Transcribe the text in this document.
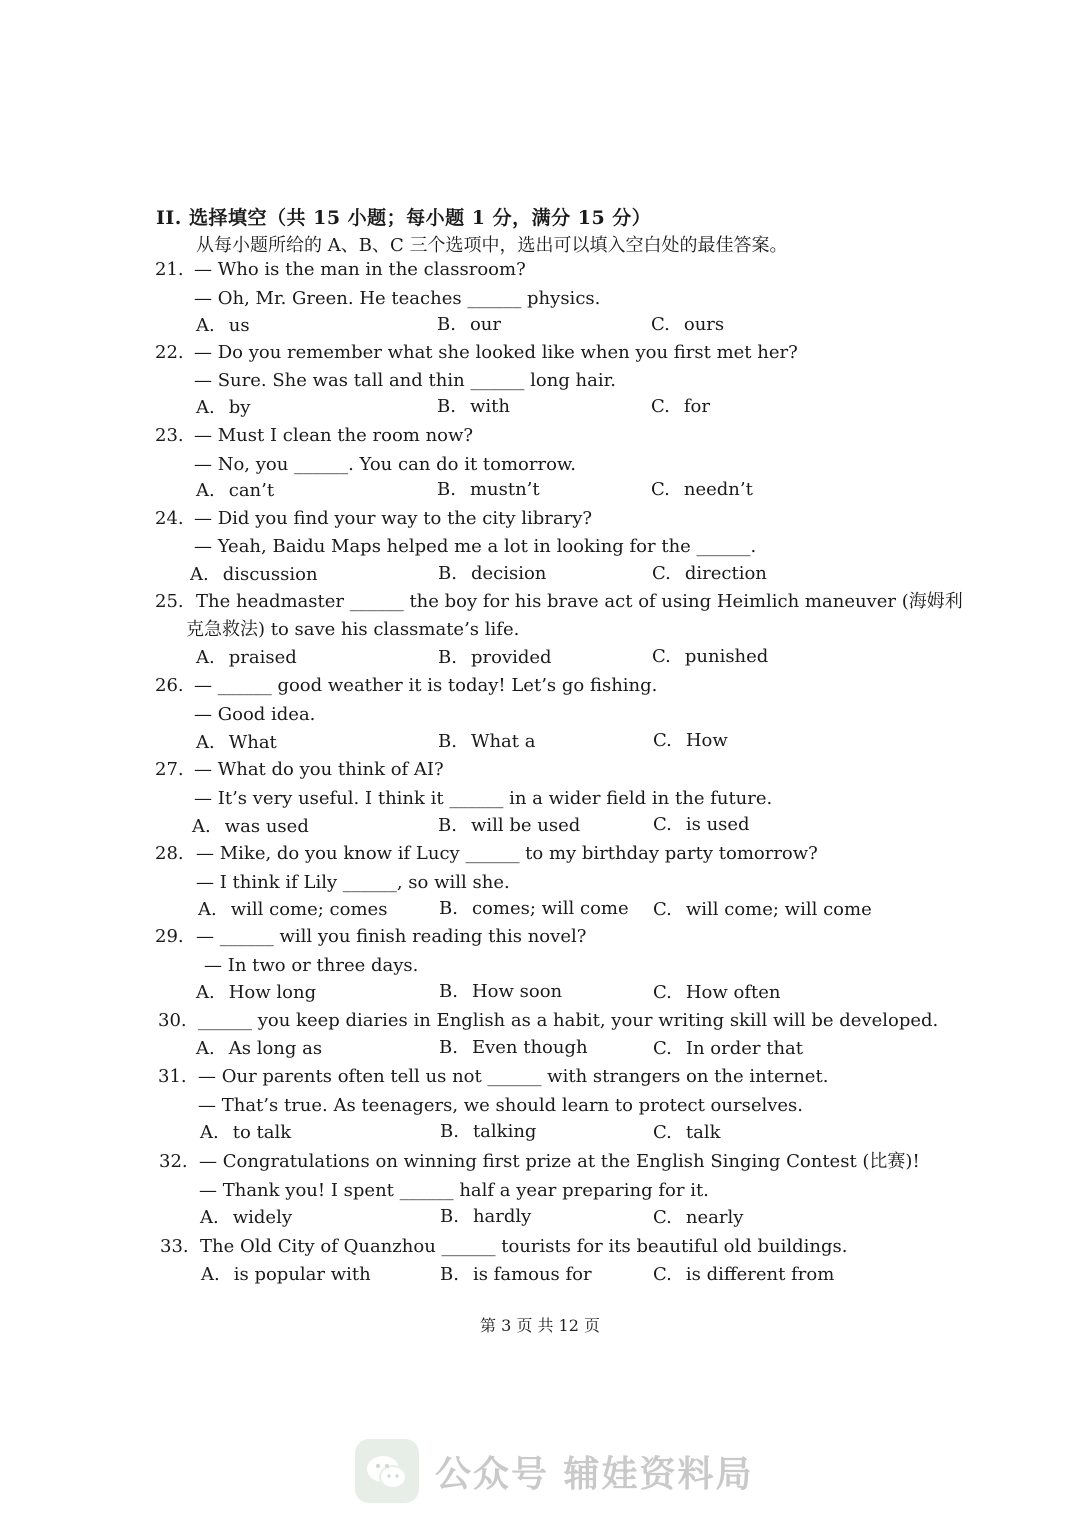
II. 选择填空（共 15 小题；每小题 1 分，满分 15 分）
从每小题所给的 A、B、C 三个选项中，选出可以填入空白处的最佳答案。
21. — Who is the man in the classroom?
— Oh, Mr. Green. He teaches ______ physics.
A. us	B. our	C. ours
22. — Do you remember what she looked like when you first met her?
— Sure. She was tall and thin ______ long hair.
A. by	B. with	C. for
23. — Must I clean the room now?
— No, you ______. You can do it tomorrow.
A. can’t	B. mustn’t	C. needn’t
24. — Did you find your way to the city library?
— Yeah, Baidu Maps helped me a lot in looking for the ______.
A. discussion	B. decision	C. direction
25. The headmaster ______ the boy for his brave act of using Heimlich maneuver (海姆利
克急救法) to save his classmate’s life.
A. praised	B. provided	C. punished
26. — ______ good weather it is today! Let’s go fishing.
— Good idea.
A. What	B. What a	C. How
27. — What do you think of AI?
— It’s very useful. I think it ______ in a wider field in the future.
A. was used	B. will be used	C. is used
28. — Mike, do you know if Lucy ______ to my birthday party tomorrow?
— I think if Lily ______, so will she.
A. will come; comes	B. comes; will come C. will come; will come
29. — ______ will you finish reading this novel?
— In two or three days.
A. How long	B. How soon	C. How often
30. ______ you keep diaries in English as a habit, your writing skill will be developed.
A. As long as	B. Even though	C. In order that
31. — Our parents often tell us not ______ with strangers on the internet.
— That’s true. As teenagers, we should learn to protect ourselves.
A. to talk	B. talking	C. talk
32. — Congratulations on winning first prize at the English Singing Contest (比赛)!
— Thank you! I spent ______ half a year preparing for it.
A. widely	B. hardly	C. nearly
33. The Old City of Quanzhou ______ tourists for its beautiful old buildings.
A. is popular with	B. is famous for	C. is different from
第 3 页 共 12 页
公众号 辅娃资料局
